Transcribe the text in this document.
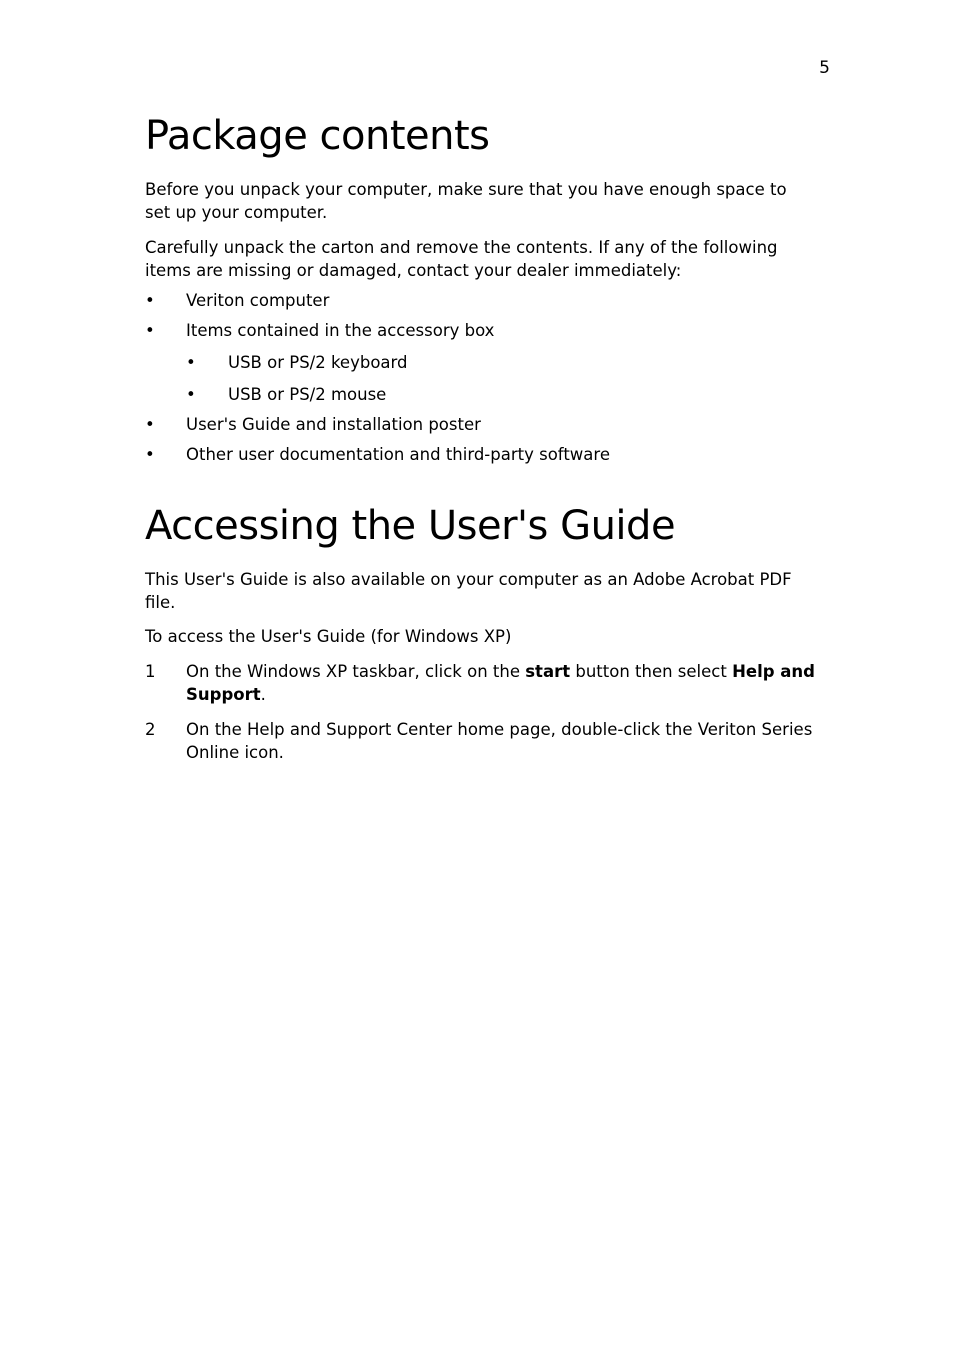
5
Package contents

Before you unpack your computer, make sure that you have enough space to set up your computer.

Carefully unpack the carton and remove the contents. If any of the following items are missing or damaged, contact your dealer immediately:

•	Veriton computer
•	Items contained in the accessory box
•	USB or PS/2 keyboard
•	USB or PS/2 mouse
•	User's Guide and installation poster
•	Other user documentation and third-party software
Accessing the User's Guide

This User's Guide is also available on your computer as an Adobe Acrobat PDF file.

To access the User's Guide (for Windows XP)

1	On the Windows XP taskbar, click on the start button then select Help and Support.
2	On the Help and Support Center home page, double-click the Veriton Series Online icon.
